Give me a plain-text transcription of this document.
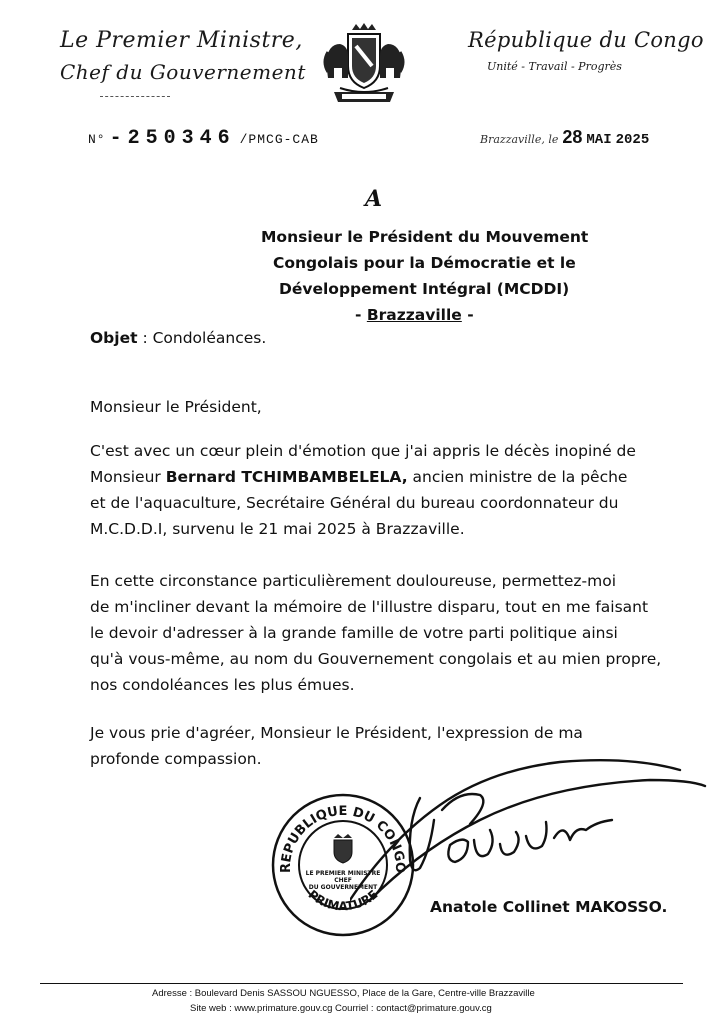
Le Premier Ministre,
Chef du Gouvernement
République du Congo
Unité - Travail - Progrès
N° -250346 /PMCG-CAB	Brazzaville, le 28 MAI 2025
A
Monsieur le Président du Mouvement
Congolais pour la Démocratie et le
Développement Intégral (MCDDI)
- Brazzaville -
Objet : Condoléances.
Monsieur le Président,
C'est avec un cœur plein d'émotion que j'ai appris le décès inopiné de
Monsieur Bernard TCHIMBAMBELELA, ancien ministre de la pêche
et de l'aquaculture, Secrétaire Général du bureau coordonnateur du
M.C.D.D.I, survenu le 21 mai 2025 à Brazzaville.
En cette circonstance particulièrement douloureuse, permettez-moi
de m'incliner devant la mémoire de l'illustre disparu, tout en me faisant
le devoir d'adresser à la grande famille de votre parti politique ainsi
qu'à vous-même, au nom du Gouvernement congolais et au mien propre,
nos condoléances les plus émues.
Je vous prie d'agréer, Monsieur le Président, l'expression de ma
profonde compassion.
REPUBLIQUE DU CONGO
PRIMATURE
LE PREMIER MINISTRE
CHEF
DU GOUVERNEMENT
Anatole Collinet MAKOSSO.
Adresse : Boulevard Denis SASSOU NGUESSO, Place de la Gare, Centre-ville Brazzaville
Site web : www.primature.gouv.cg Courriel : contact@primature.gouv.cg
